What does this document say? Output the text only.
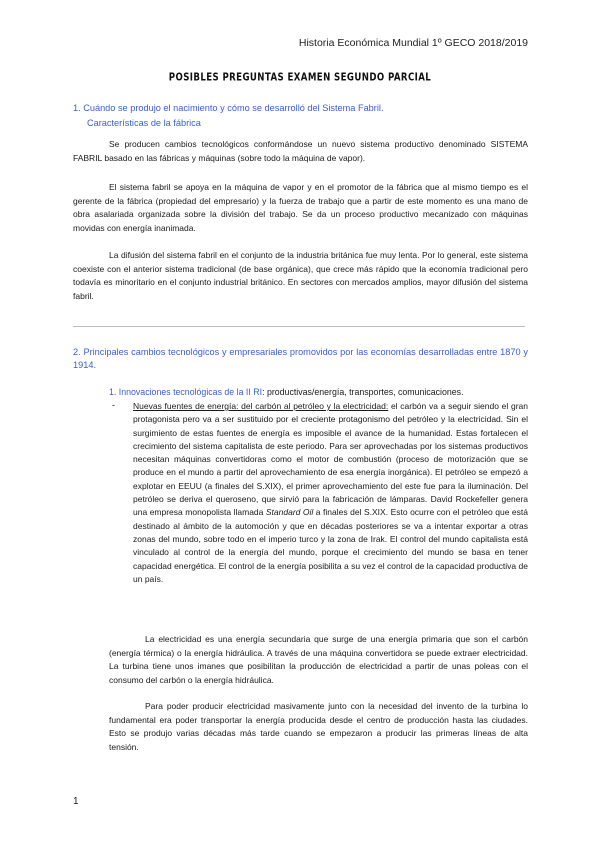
Historia Económica Mundial 1º GECO 2018/2019
POSIBLES PREGUNTAS EXAMEN SEGUNDO PARCIAL
1. Cuándo se produjo el nacimiento y cómo se desarrolló del Sistema Fabril.
Características de la fábrica

Se producen cambios tecnológicos conformándose un nuevo sistema productivo denominado SISTEMA FABRIL basado en las fábricas y máquinas (sobre todo la máquina de vapor).

El sistema fabril se apoya en la máquina de vapor y en el promotor de la fábrica que al mismo tiempo es el gerente de la fábrica (propiedad del empresario) y la fuerza de trabajo que a partir de este momento es una mano de obra asalariada organizada sobre la división del trabajo. Se da un proceso productivo mecanizado con máquinas movidas con energía inanimada.

La difusión del sistema fabril en el conjunto de la industria británica fue muy lenta. Por lo general, este sistema coexiste con el anterior sistema tradicional (de base orgánica), que crece más rápido que la economía tradicional pero todavía es minoritario en el conjunto industrial británico. En sectores con mercados amplios, mayor difusión del sistema fabril.

2. Principales cambios tecnológicos y empresariales promovidos por las economías desarrolladas entre 1870 y 1914.
1. Innovaciones tecnológicas de la II RI: productivas/energía, transportes, comunicaciones.
- Nuevas fuentes de energía: del carbón al petróleo y la electricidad: el carbón va a seguir siendo el gran protagonista pero va a ser sustituido por el creciente protagonismo del petróleo y la electricidad. Sin el surgimiento de estas fuentes de energía es imposible el avance de la humanidad. Estas fortalecen el crecimiento del sistema capitalista de este periodo. Para ser aprovechadas por los sistemas productivos necesitan máquinas convertidoras como el motor de combustión (proceso de motorización que se produce en el mundo a partir del aprovechamiento de esa energía inorgánica). El petróleo se empezó a explotar en EEUU (a finales del S.XIX), el primer aprovechamiento del este fue para la iluminación. Del petróleo se deriva el queroseno, que sirvió para la fabricación de lámparas. David Rockefeller genera una empresa monopolista llamada Standard Oil a finales del S.XIX. Esto ocurre con el petróleo que está destinado al ámbito de la automoción y que en décadas posteriores se va a intentar exportar a otras zonas del mundo, sobre todo en el imperio turco y la zona de Irak. El control del mundo capitalista está vinculado al control de la energía del mundo, porque el crecimiento del mundo se basa en tener capacidad energética. El control de la energía posibilita a su vez el control de la capacidad productiva de un país.

La electricidad es una energía secundaria que surge de una energía primaria que son el carbón (energía térmica) o la energía hidráulica. A través de una máquina convertidora se puede extraer electricidad. La turbina tiene unos imanes que posibilitan la producción de electricidad a partir de unas poleas con el consumo del carbón o la energía hidráulica.

Para poder producir electricidad masivamente junto con la necesidad del invento de la turbina lo fundamental era poder transportar la energía producida desde el centro de producción hasta las ciudades. Esto se produjo varias décadas más tarde cuando se empezaron a producir las primeras líneas de alta tensión.

1
